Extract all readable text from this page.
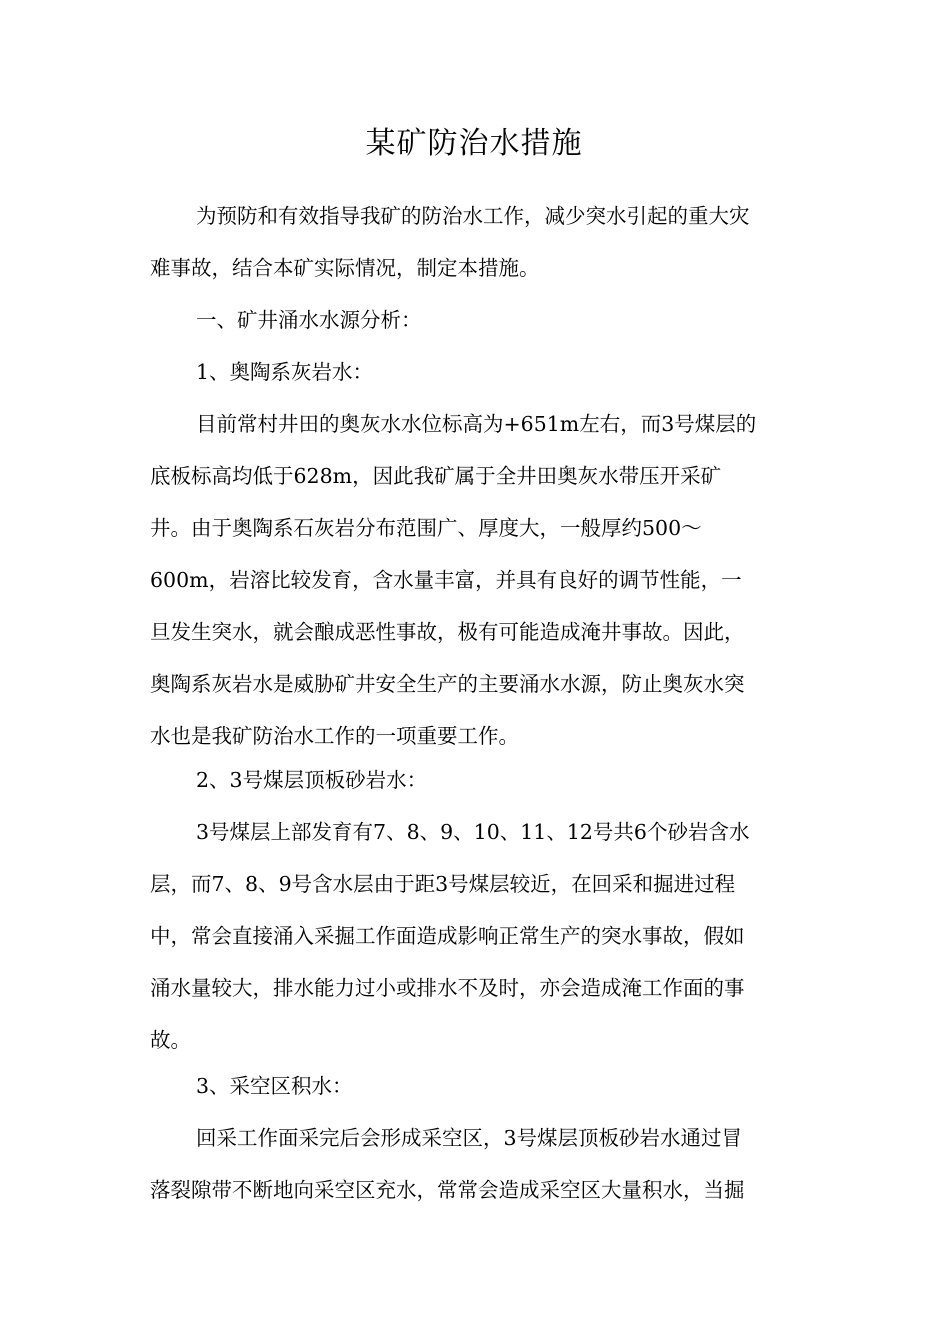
某矿防治水措施

为预防和有效指导我矿的防治水工作，减少突水引起的重大灾
难事故，结合本矿实际情况，制定本措施。

一、矿井涌水水源分析：

1、奥陶系灰岩水：

目前常村井田的奥灰水水位标高为+651m左右，而3号煤层的
底板标高均低于628m，因此我矿属于全井田奥灰水带压开采矿
井。由于奥陶系石灰岩分布范围广、厚度大，一般厚约500～
600m，岩溶比较发育，含水量丰富，并具有良好的调节性能，一
旦发生突水，就会酿成恶性事故，极有可能造成淹井事故。因此，
奥陶系灰岩水是威胁矿井安全生产的主要涌水水源，防止奥灰水突
水也是我矿防治水工作的一项重要工作。

2、3号煤层顶板砂岩水：

3号煤层上部发育有7、8、9、10、11、12号共6个砂岩含水
层，而7、8、9号含水层由于距3号煤层较近，在回采和掘进过程
中，常会直接涌入采掘工作面造成影响正常生产的突水事故，假如
涌水量较大，排水能力过小或排水不及时，亦会造成淹工作面的事
故。

3、采空区积水：

回采工作面采完后会形成采空区，3号煤层顶板砂岩水通过冒
落裂隙带不断地向采空区充水，常常会造成采空区大量积水，当掘
